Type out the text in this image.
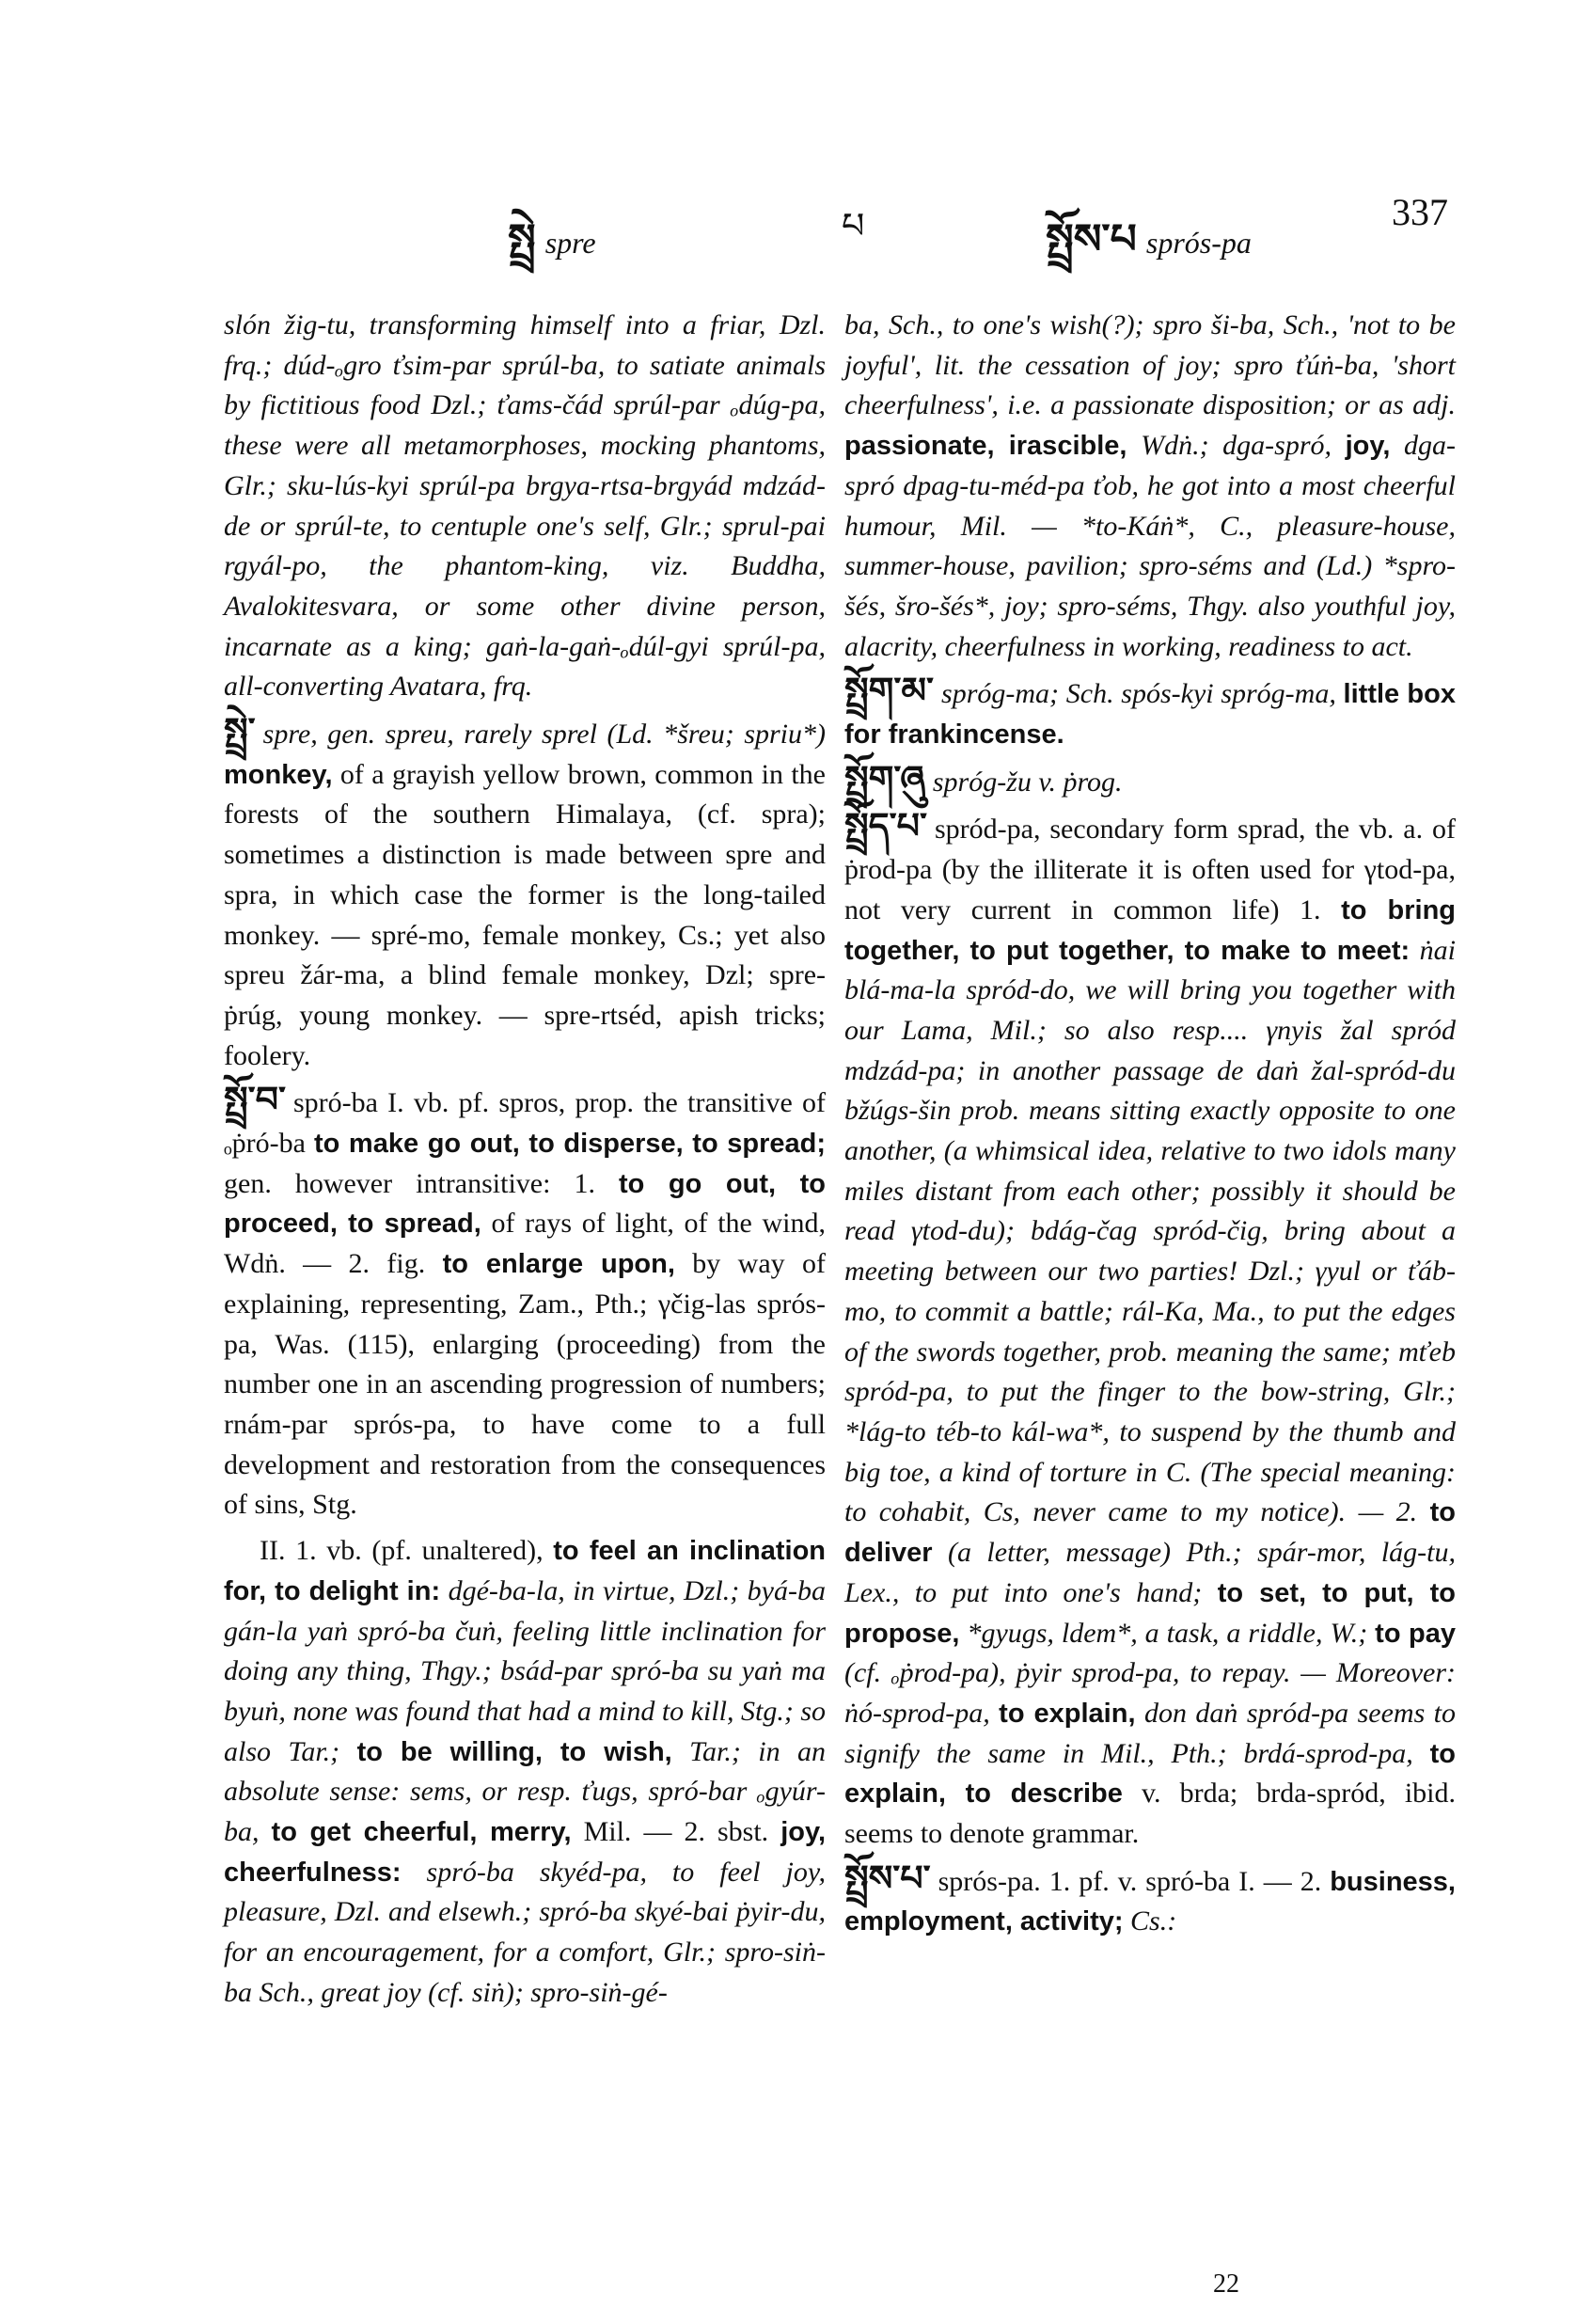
སྤྲེ spre	པ	སྤྲོས་པ sprós-pa
337

slón žig-tu, transforming himself into a friar, Dzl. frq.; dúd-ₒgro ťsim-par sprúl-ba, to satiate animals by fictitious food Dzl.; ťams-čád sprúl-par ₒdúg-pa, these were all metamorphoses, mocking phantoms, Glr.; sku-lús-kyi sprúl-pa brgya-rtsa-brgyád mdzád-de or sprúl-te, to centuple one's self, Glr.; sprul-pai rgyál-po, the phantom-king, viz. Buddha, Avalokitesvara, or some other divine person, incarnate as a king; gaṅ-la-gaṅ-ₒdúl-gyi sprúl-pa, all-converting Avatara, frq.

སྤྲེ་ spre, gen. spreu, rarely sprel (Ld. *šreu; spriu*) monkey, of a grayish yellow brown, common in the forests of the southern Himalaya, (cf. spra); sometimes a distinction is made between spre and spra, in which case the former is the long-tailed monkey. — spré-mo, female monkey, Cs.; yet also spreu žár-ma, a blind female monkey, Dzl; spre-ṗrúg, young monkey. — spre-rtséd, apish tricks; foolery.

སྤྲོ་བ་ spró-ba I. vb. pf. spros, prop. the transitive of ₒṗró-ba to make go out, to disperse, to spread; gen. however intransitive: 1. to go out, to proceed, to spread, of rays of light, of the wind, Wdṅ. — 2. fig. to enlarge upon, by way of explaining, representing, Zam., Pth.; γčig-las sprós-pa, Was. (115), enlarging (proceeding) from the number one in an ascending progression of numbers; rnám-par sprós-pa, to have come to a full development and restoration from the consequences of sins, Stg.

II. 1. vb. (pf. unaltered), to feel an inclination for, to delight in: dgé-ba-la, in virtue, Dzl.; byá-ba gán-la yaṅ spró-ba čuṅ, feeling little inclination for doing any thing, Thgy.; bsád-par spró-ba su yaṅ ma byuṅ, none was found that had a mind to kill, Stg.; so also Tar.; to be willing, to wish, Tar.; in an absolute sense: sems, or resp. ťugs, spró-bar ₒgyúr-ba, to get cheerful, merry, Mil. — 2. sbst. joy, cheerfulness: spró-ba skyéd-pa, to feel joy, pleasure, Dzl. and elsewh.; spró-ba skyé-bai ṗyir-du, for an encouragement, for a comfort, Glr.; spro-siṅ-ba Sch., great joy (cf. siṅ); spro-siṅ-gé-

ba, Sch., to one's wish(?); spro ši-ba, Sch., 'not to be joyful', lit. the cessation of joy; spro ťúṅ-ba, 'short cheerfulness', i.e. a passionate disposition; or as adj. passionate, irascible, Wdṅ.; dga-spró, joy, dga-spró dpag-tu-méd-pa ťob, he got into a most cheerful humour, Mil. — *to-Káṅ*, C., pleasure-house, summer-house, pavilion; spro-séms and (Ld.) *spro-šés, šro-šés*, joy; spro-séms, Thgy. also youthful joy, alacrity, cheerfulness in working, readiness to act.

སྤྲོག་མ་ spróg-ma; Sch. spós-kyi spróg-ma, little box for frankincense.

སྤྲོག་ཞུ spróg-žu v. ṗrog.

སྤྲོད་པ་ spród-pa, secondary form sprad, the vb. a. of ṗrod-pa (by the illiterate it is often used for γtod-pa, not very current in common life) 1. to bring together, to put together, to make to meet: ṅai blá-ma-la spród-do, we will bring you together with our Lama, Mil.; so also resp.... γnyis žal spród mdzád-pa; in another passage de daṅ žal-spród-du bžúgs-šin prob. means sitting exactly opposite to one another, (a whimsical idea, relative to two idols many miles distant from each other; possibly it should be read γtod-du); bdág-čag spród-čig, bring about a meeting between our two parties! Dzl.; γyul or ťáb-mo, to commit a battle; rál-Ka, Ma., to put the edges of the swords together, prob. meaning the same; mťeb spród-pa, to put the finger to the bow-string, Glr.; *lág-to téb-to kál-wa*, to suspend by the thumb and big toe, a kind of torture in C. (The special meaning: to cohabit, Cs, never came to my notice). — 2. to deliver (a letter, message) Pth.; spár-mor, lág-tu, Lex., to put into one's hand; to set, to put, to propose, *gyugs, ldem*, a task, a riddle, W.; to pay (cf. ₒṗrod-pa), ṗyir sprod-pa, to repay. — Moreover: ṅó-sprod-pa, to explain, don daṅ spród-pa seems to signify the same in Mil., Pth.; brdá-sprod-pa, to explain, to describe v. brda; brda-spród, ibid. seems to denote grammar.

སྤྲོས་པ་ sprós-pa. 1. pf. v. spró-ba I. — 2. business, employment, activity; Cs.:

22
